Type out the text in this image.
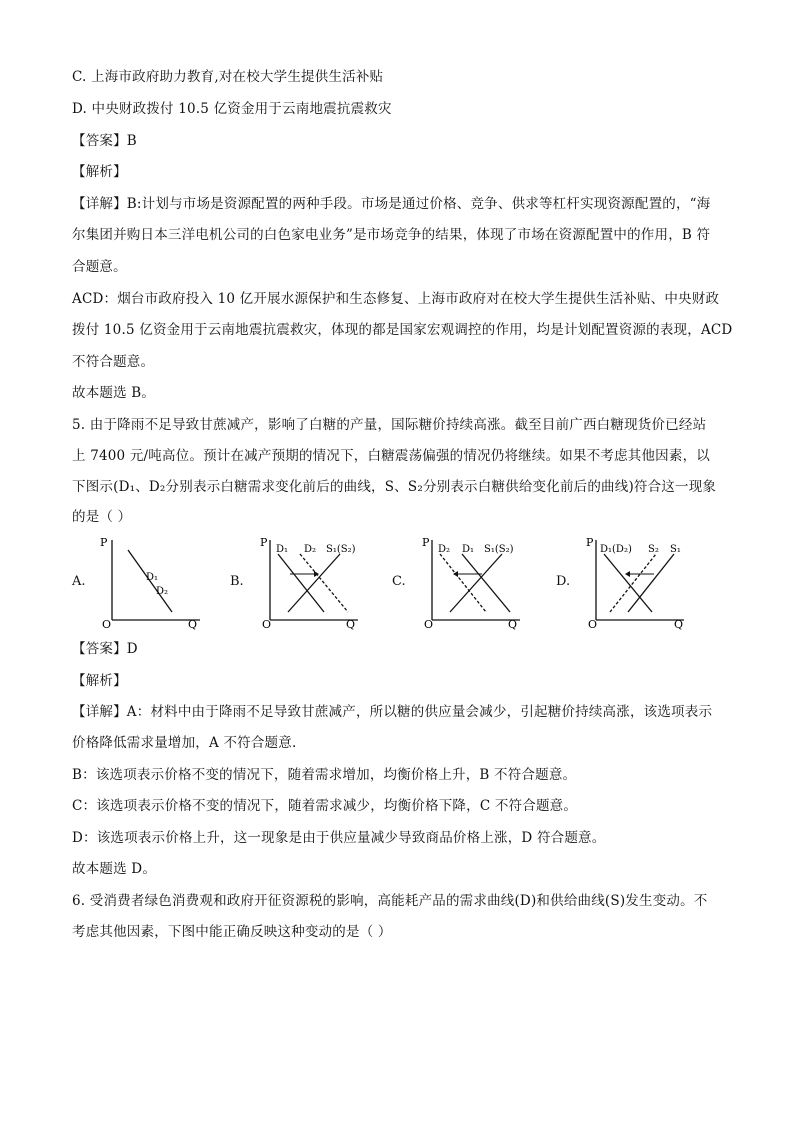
C. 上海市政府助力教育,对在校大学生提供生活补贴
D. 中央财政拨付 10.5 亿资金用于云南地震抗震救灾
【答案】B
【解析】
【详解】B:计划与市场是资源配置的两种手段。市场是通过价格、竞争、供求等杠杆实现资源配置的，“海
尔集团并购日本三洋电机公司的白色家电业务”是市场竞争的结果，体现了市场在资源配置中的作用，B 符
合题意。
ACD：烟台市政府投入 10 亿开展水源保护和生态修复、上海市政府对在校大学生提供生活补贴、中央财政
拨付 10.5 亿资金用于云南地震抗震救灾，体现的都是国家宏观调控的作用，均是计划配置资源的表现，ACD
不符合题意。
故本题选 B。
5. 由于降雨不足导致甘蔗减产，影响了白糖的产量，国际糖价持续高涨。截至目前广西白糖现货价已经站
上 7400 元/吨高位。预计在减产预期的情况下，白糖震荡偏强的情况仍将继续。如果不考虑其他因素，以
下图示(D₁、D₂分别表示白糖需求变化前后的曲线，S、S₂分别表示白糖供给变化前后的曲线)符合这一现象
的是（ ）
P
O	Q
D₁
D₂
A.
P
O	Q
D₁ D₂ S₁(S₂)
B.
P
O	Q
D₂ D₁ S₁(S₂)
C.
P
O	Q
D₁(D₂) S₂ S₁
D.
【答案】D
【解析】
【详解】A：材料中由于降雨不足导致甘蔗减产，所以糖的供应量会减少，引起糖价持续高涨，该选项表示
价格降低需求量增加，A 不符合题意.
B：该选项表示价格不变的情况下，随着需求增加，均衡价格上升，B 不符合题意。
C：该选项表示价格不变的情况下，随着需求减少，均衡价格下降，C 不符合题意。
D：该选项表示价格上升，这一现象是由于供应量减少导致商品价格上涨，D 符合题意。
故本题选 D。
6. 受消费者绿色消费观和政府开征资源税的影响，高能耗产品的需求曲线(D)和供给曲线(S)发生变动。不
考虑其他因素，下图中能正确反映这种变动的是（ ）
